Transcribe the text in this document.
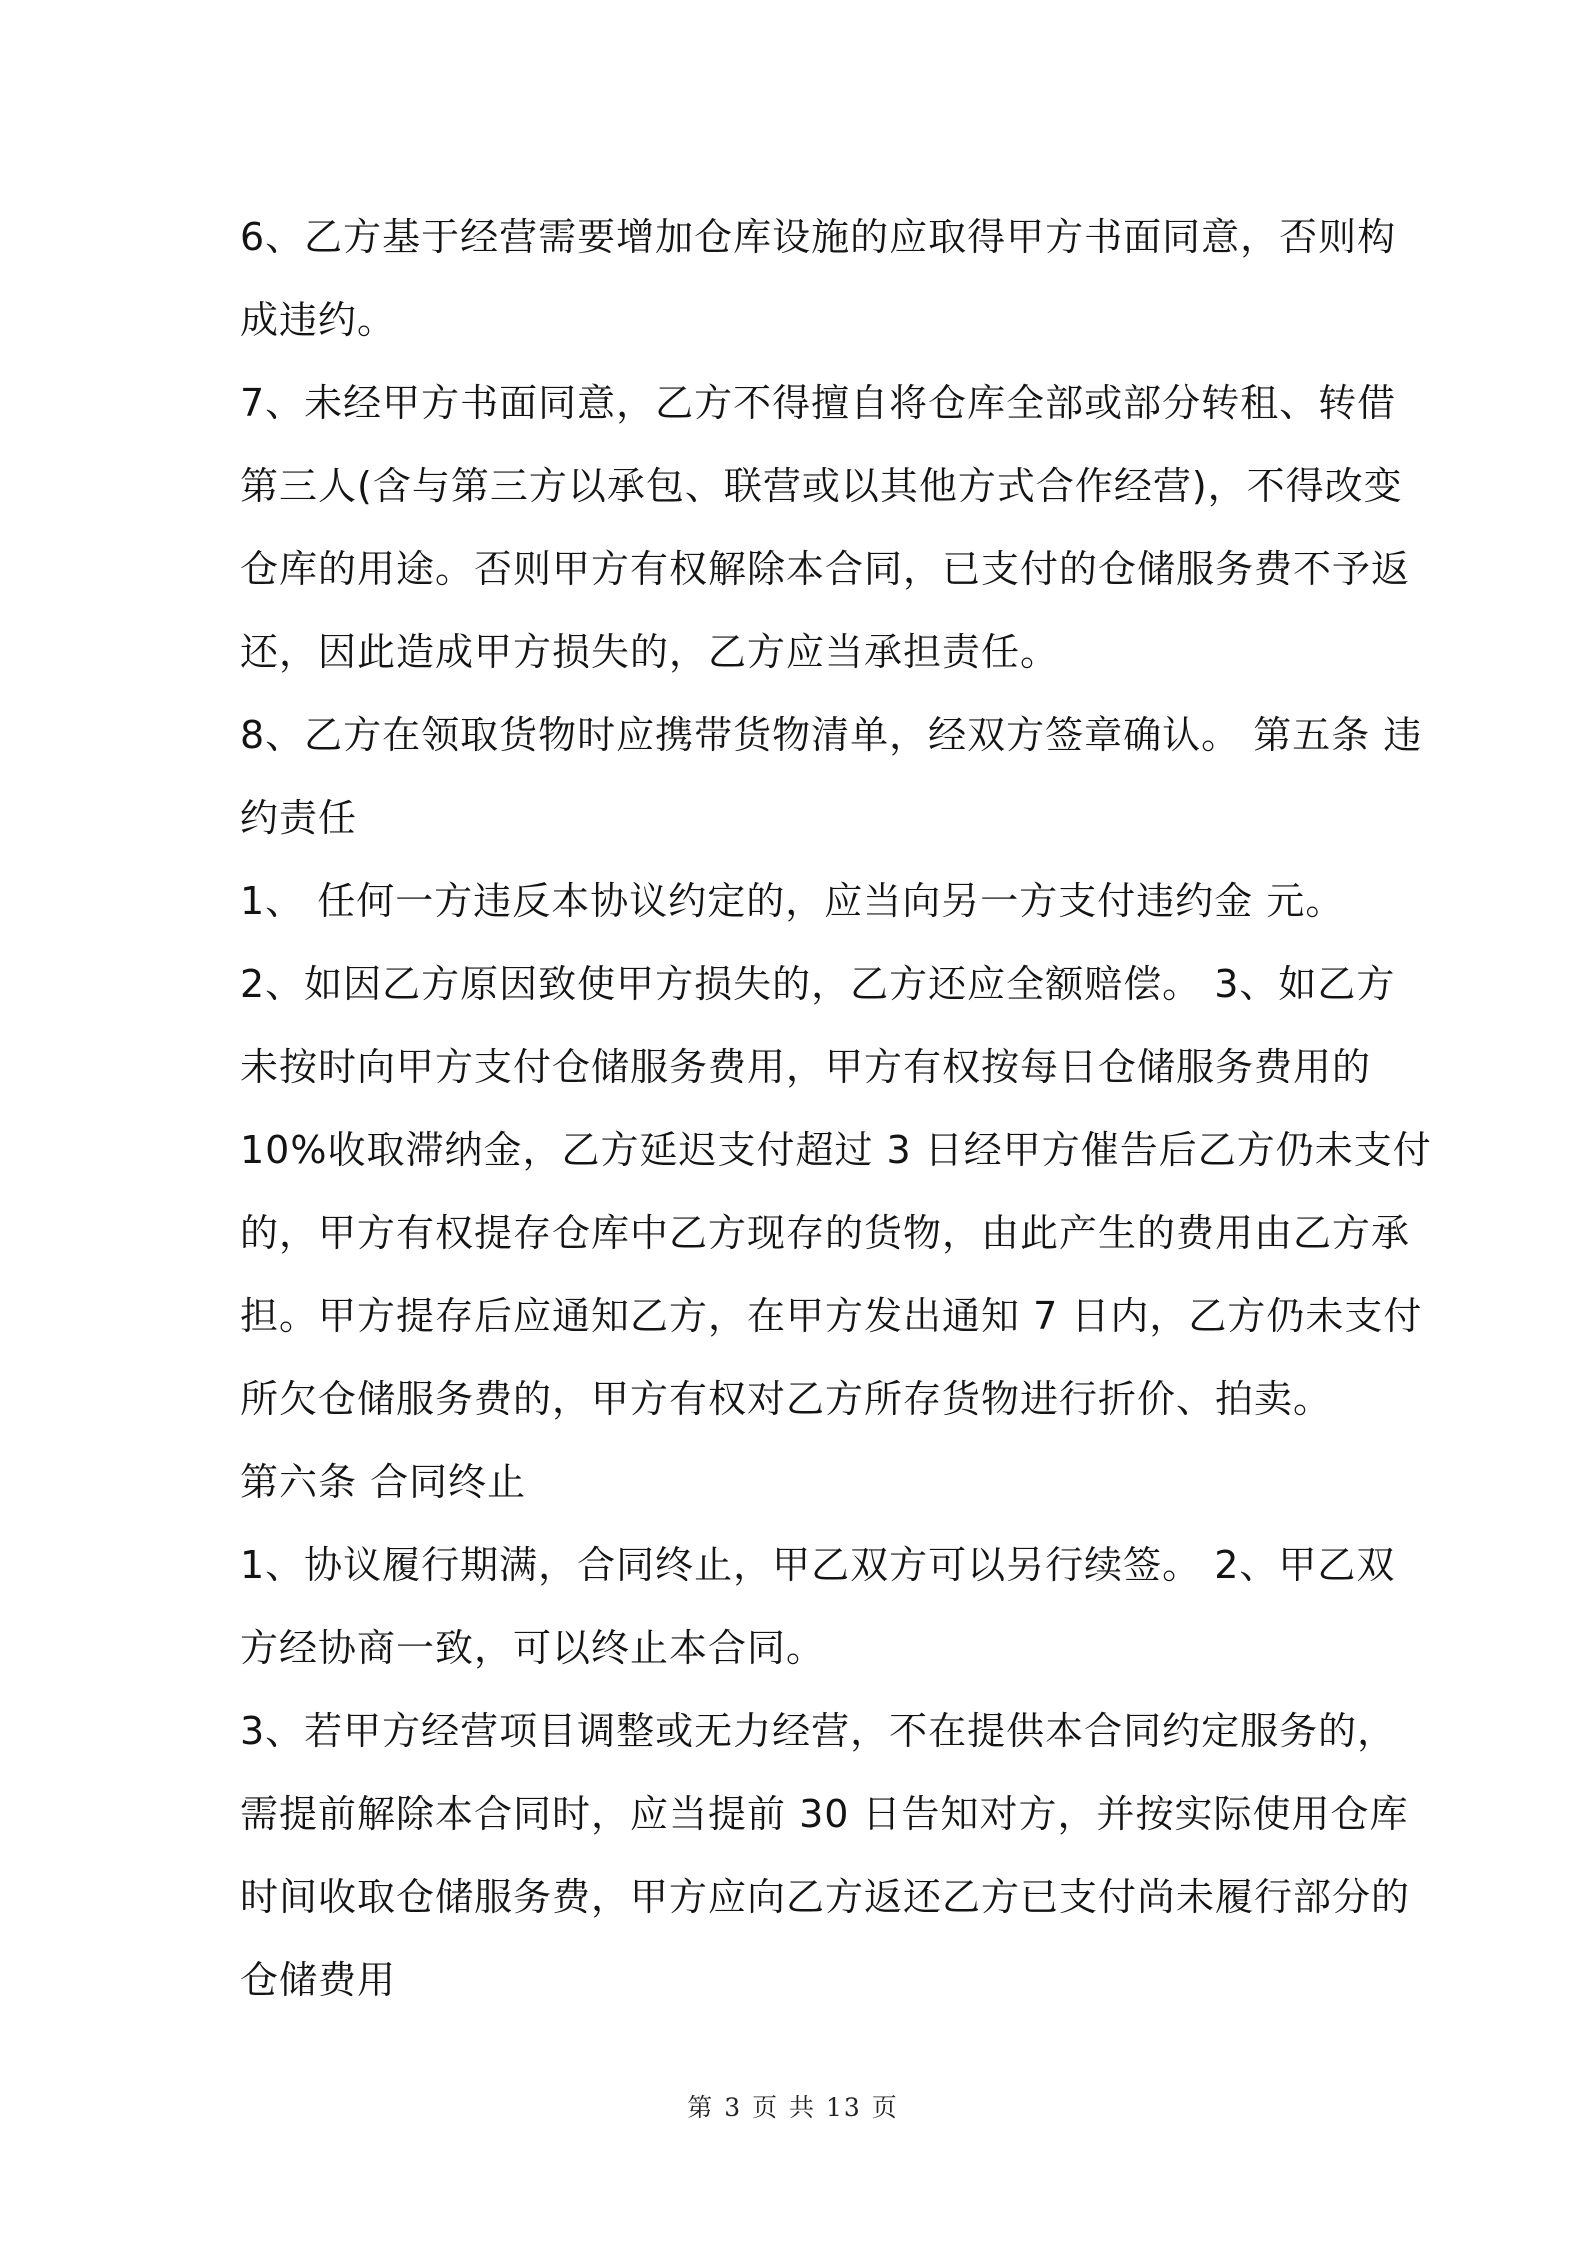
6、乙方基于经营需要增加仓库设施的应取得甲方书面同意，否则构
成违约。
7、未经甲方书面同意，乙方不得擅自将仓库全部或部分转租、转借
第三人(含与第三方以承包、联营或以其他方式合作经营)，不得改变
仓库的用途。否则甲方有权解除本合同，已支付的仓储服务费不予返
还，因此造成甲方损失的，乙方应当承担责任。
8、乙方在领取货物时应携带货物清单，经双方签章确认。 第五条 违
约责任
1、 任何一方违反本协议约定的，应当向另一方支付违约金 元。
2、如因乙方原因致使甲方损失的，乙方还应全额赔偿。 3、如乙方
未按时向甲方支付仓储服务费用，甲方有权按每日仓储服务费用的
10%收取滞纳金，乙方延迟支付超过 3 日经甲方催告后乙方仍未支付
的，甲方有权提存仓库中乙方现存的货物，由此产生的费用由乙方承
担。甲方提存后应通知乙方，在甲方发出通知 7 日内，乙方仍未支付
所欠仓储服务费的，甲方有权对乙方所存货物进行折价、拍卖。
第六条 合同终止
1、协议履行期满，合同终止，甲乙双方可以另行续签。 2、甲乙双
方经协商一致，可以终止本合同。
3、若甲方经营项目调整或无力经营，不在提供本合同约定服务的，
需提前解除本合同时，应当提前 30 日告知对方，并按实际使用仓库
时间收取仓储服务费，甲方应向乙方返还乙方已支付尚未履行部分的
仓储费用
第 3 页 共 13 页
